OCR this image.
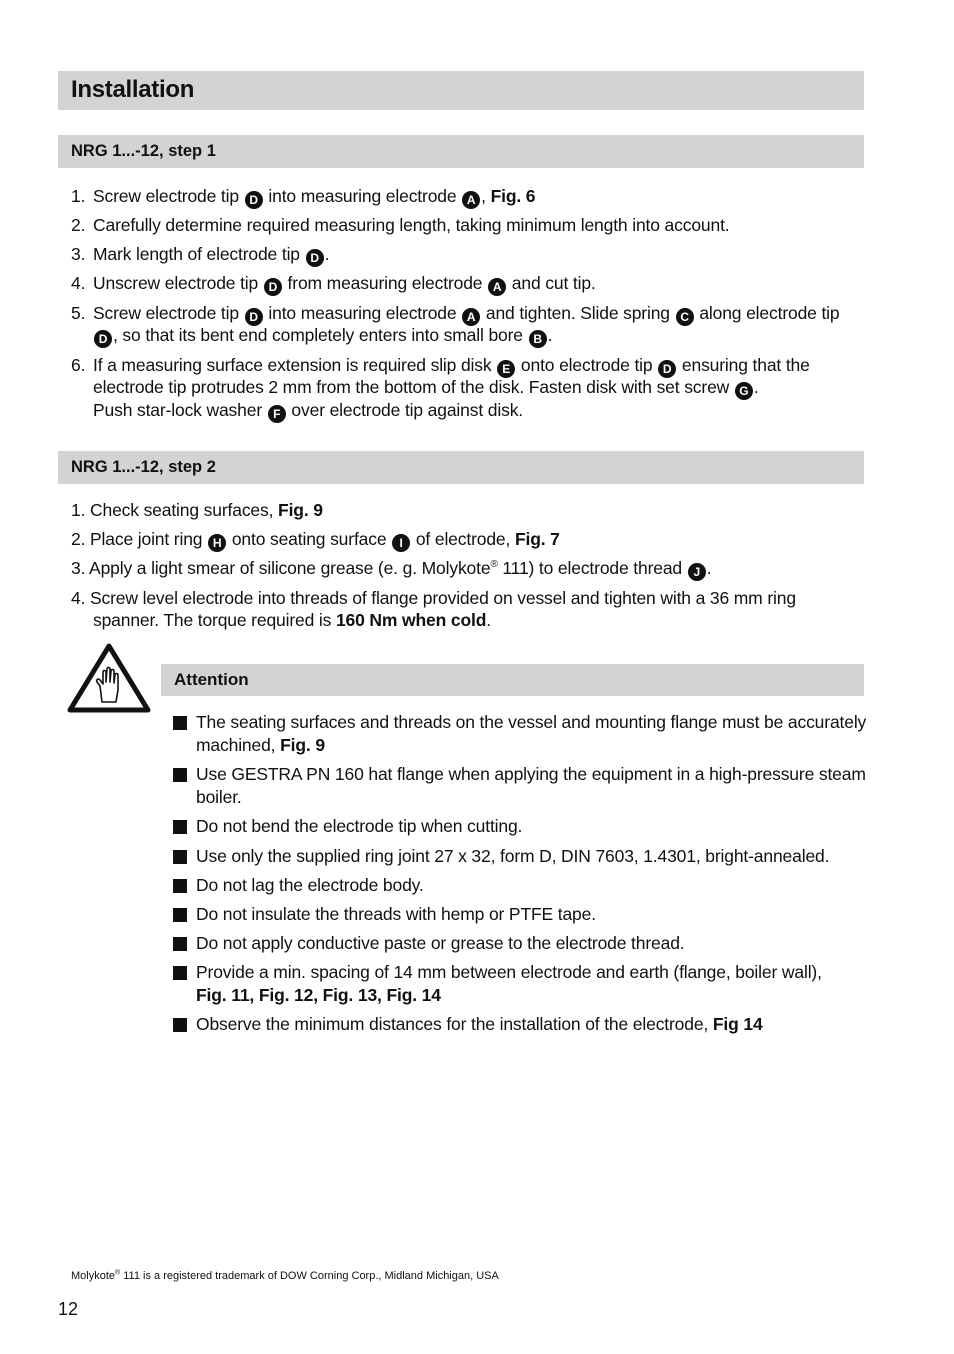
Installation
NRG 1...-12, step 1
1. Screw electrode tip D into measuring electrode A , Fig. 6
2. Carefully determine required measuring length, taking minimum length into account.
3. Mark length of electrode tip D .
4. Unscrew electrode tip D from measuring electrode A and cut tip.
5. Screw electrode tip D into measuring electrode A and tighten. Slide spring C along electrode tip
D , so that its bent end completely enters into small bore B .
6. If a measuring surface extension is required slip disk E onto electrode tip D ensuring that the
electrode tip protrudes 2 mm from the bottom of the disk. Fasten disk with set screw G .
Push star-lock washer F over electrode tip against disk.
NRG 1...-12, step 2
1. Check seating surfaces, Fig. 9
2. Place joint ring H onto seating surface I of electrode, Fig. 7
3. Apply a light smear of silicone grease (e. g. Molykote® 111) to electrode thread J .
4. Screw level electrode into threads of flange provided on vessel and tighten with a 36 mm ring
spanner. The torque required is 160 Nm when cold.
Attention
The seating surfaces and threads on the vessel and mounting flange must be accurately
machined, Fig. 9
Use GESTRA PN 160 hat flange when applying the equipment in a high-pressure steam
boiler.
Do not bend the electrode tip when cutting.
Use only the supplied ring joint 27 x 32, form D, DIN 7603, 1.4301, bright-annealed.
Do not lag the electrode body.
Do not insulate the threads with hemp or PTFE tape.
Do not apply conductive paste or grease to the electrode thread.
Provide a min. spacing of 14 mm between electrode and earth (flange, boiler wall),
Fig. 11, Fig. 12, Fig. 13, Fig. 14
Observe the minimum distances for the installation of the electrode, Fig 14
Molykote® 111 is a registered trademark of DOW Corning Corp., Midland Michigan, USA
12
